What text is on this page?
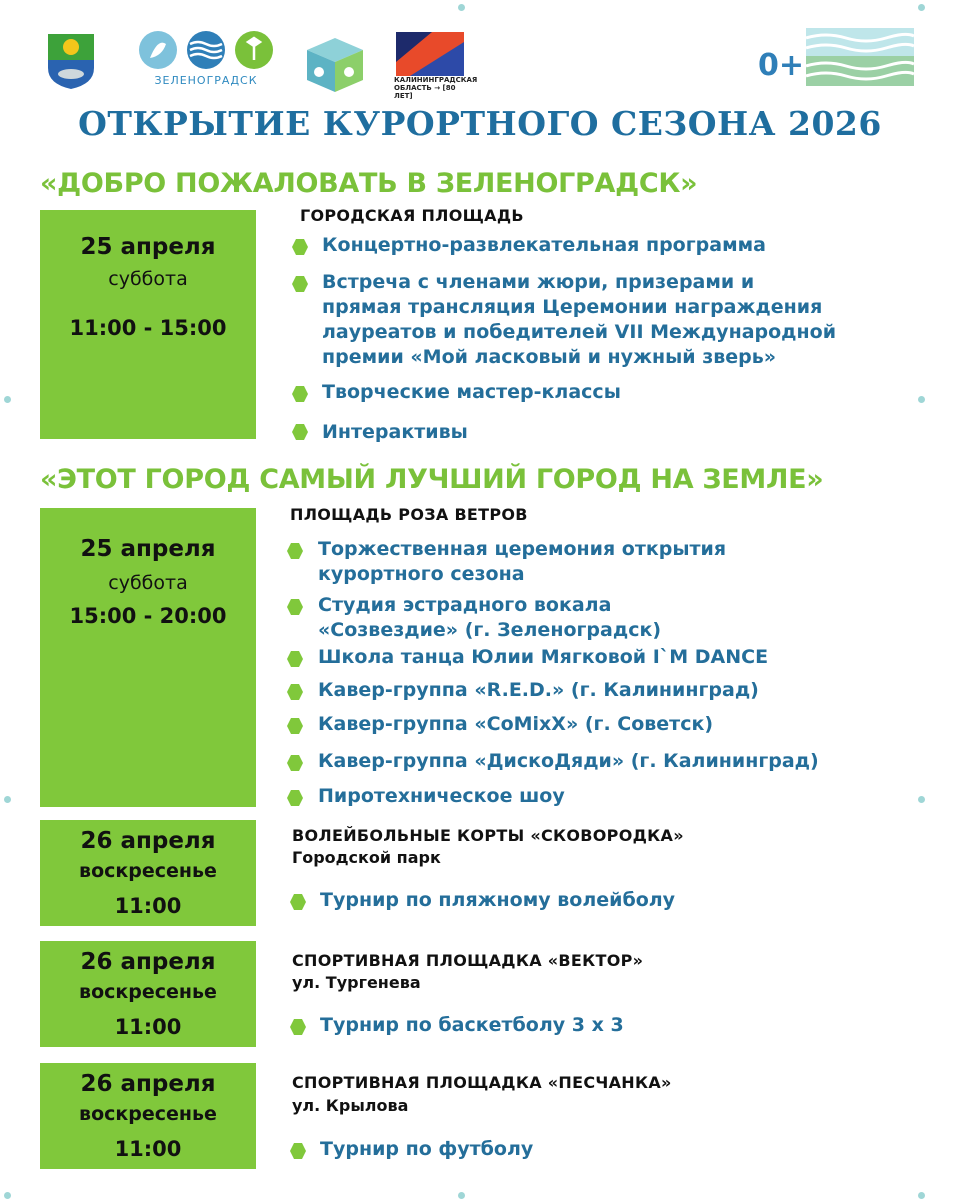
ЗЕЛЕНОГРАДСК	КАЛИНИНГРАДСКАЯ
ОБЛАСТЬ → [80 ЛЕТ]
0+
ОТКРЫТИЕ КУРОРТНОГО СЕЗОНА 2026
«ДОБРО ПОЖАЛОВАТЬ В ЗЕЛЕНОГРАДСК»
25 апреля
суббота
11:00 - 15:00
ГОРОДСКАЯ ПЛОЩАДЬ
Концертно-развлекательная программа
Встреча с членами жюри, призерами и
прямая трансляция Церемонии награждения
лауреатов и победителей VII Международной
премии «Мой ласковый и нужный зверь»
Творческие мастер-классы
Интерактивы
«ЭТОТ ГОРОД САМЫЙ ЛУЧШИЙ ГОРОД НА ЗЕМЛЕ»
25 апреля
суббота
15:00 - 20:00
ПЛОЩАДЬ РОЗА ВЕТРОВ
Торжественная церемония открытия
курортного сезона
Студия эстрадного вокала
«Созвездие» (г. Зеленоградск)
Школа танца Юлии Мягковой I`M DANCE
Кавер-группа «R.E.D.» (г. Калининград)
Кавер-группа «CoMixX» (г. Советск)
Кавер-группа «ДискоДяди» (г. Калининград)
Пиротехническое шоу
26 апреля
воскресенье
11:00
ВОЛЕЙБОЛЬНЫЕ КОРТЫ «СКОВОРОДКА»
Городской парк
Турнир по пляжному волейболу
26 апреля
воскресенье
11:00
СПОРТИВНАЯ ПЛОЩАДКА «ВЕКТОР»
ул. Тургенева
Турнир по баскетболу 3 х 3
26 апреля
воскресенье
11:00
СПОРТИВНАЯ ПЛОЩАДКА «ПЕСЧАНКА»
ул. Крылова
Турнир по футболу
